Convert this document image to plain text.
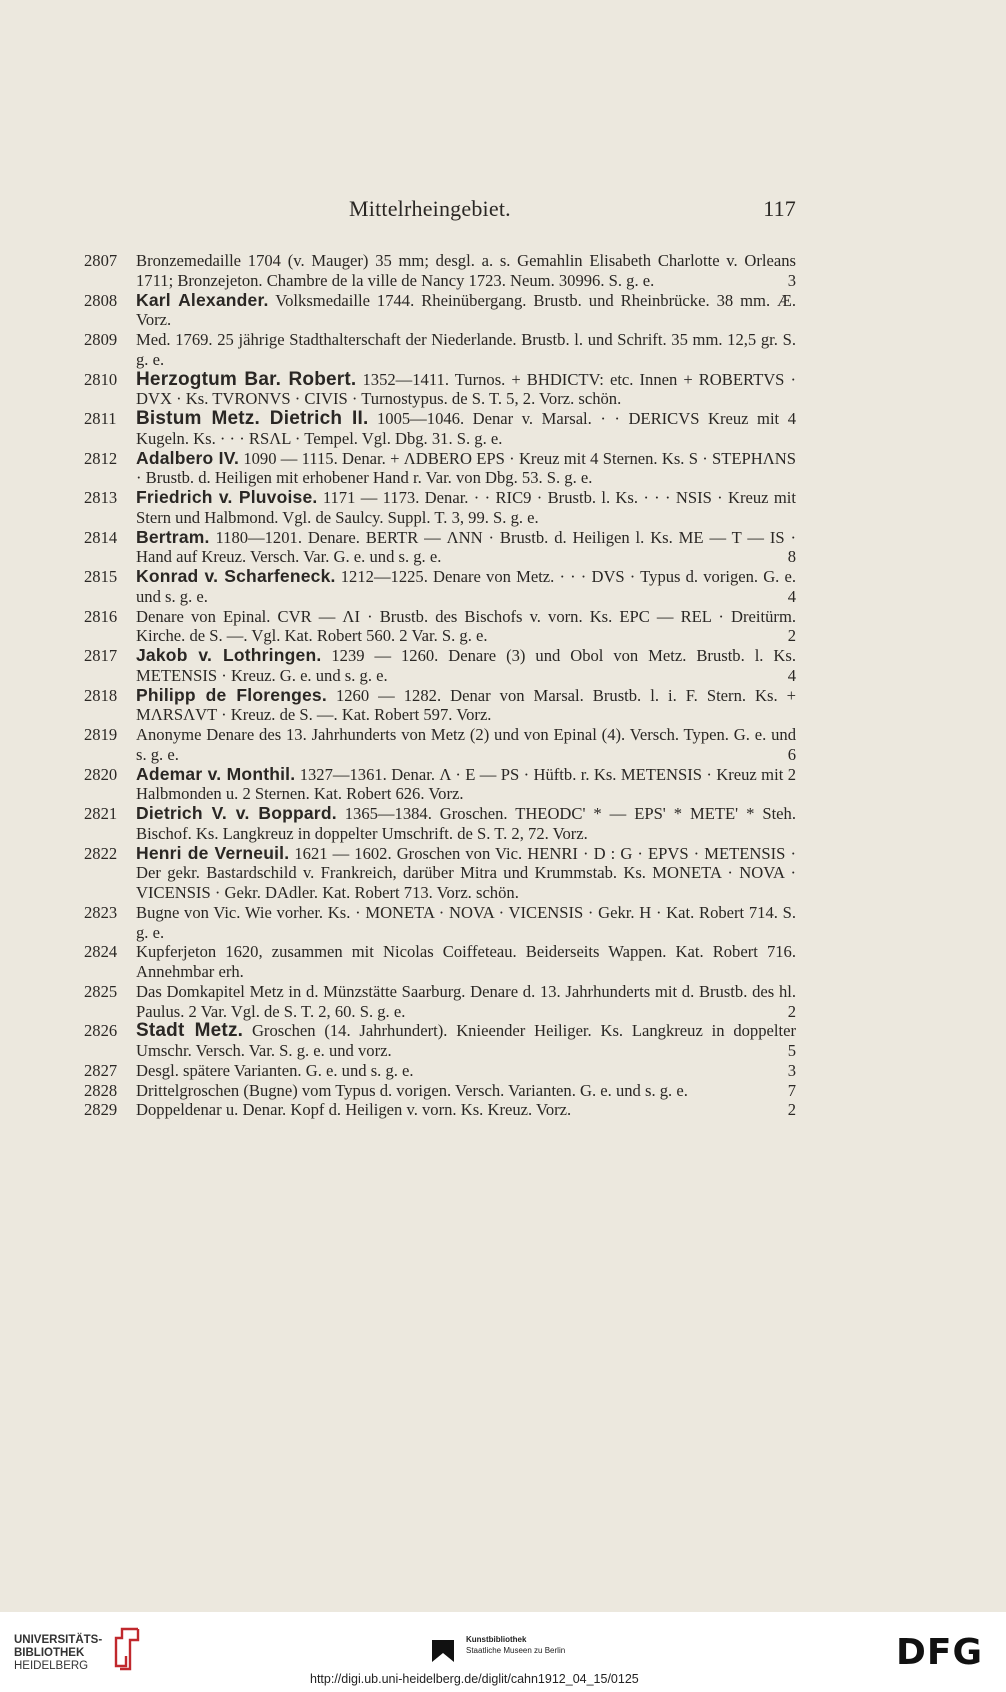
Mittelrheingebiet.	117
2807 Bronzemedaille 1704 (v. Mauger) 35 mm; desgl. a. s. Gemahlin Elisabeth Charlotte v. Orleans 1711; Bronzejeton. Chambre de la ville de Nancy 1723. Neum. 30996. S. g. e.	3
2808 Karl Alexander. Volksmedaille 1744. Rheinübergang. Brustb. und Rheinbrücke. 38 mm. Æ. Vorz.
2809 Med. 1769. 25 jährige Stadthalterschaft der Niederlande. Brustb. l. und Schrift. 35 mm. 12,5 gr. S. g. e.
2810 Herzogtum Bar. Robert. 1352—1411. Turnos. + BHDICTV: etc. Innen + ROBERTVS · DVX · Ks. TVRONVS · CIVIS · Turnostypus. de S. T. 5, 2. Vorz. schön.
2811 Bistum Metz. Dietrich II. 1005—1046. Denar v. Marsal. · · DERICVS Kreuz mit 4 Kugeln. Ks. · · · RSΛL · Tempel. Vgl. Dbg. 31. S. g. e.
2812 Adalbero IV. 1090 — 1115. Denar. + ΛDBERO EPS · Kreuz mit 4 Sternen. Ks. S · STEPHΛNS · Brustb. d. Heiligen mit erhobener Hand r. Var. von Dbg. 53. S. g. e.
2813 Friedrich v. Pluvoise. 1171 — 1173. Denar. · · RIC9 · Brustb. l. Ks. · · · NSIS · Kreuz mit Stern und Halbmond. Vgl. de Saulcy. Suppl. T. 3, 99. S. g. e.
2814 Bertram. 1180—1201. Denare. BERTR — ΛNN · Brustb. d. Heiligen l. Ks. ME — T — IS · Hand auf Kreuz. Versch. Var. G. e. und s. g. e.	8
2815 Konrad v. Scharfeneck. 1212—1225. Denare von Metz. · · · DVS · Typus d. vorigen. G. e. und s. g. e.	4
2816 Denare von Epinal. CVR — ΛI · Brustb. des Bischofs v. vorn. Ks. EPC — REL · Dreitürm. Kirche. de S. —. Vgl. Kat. Robert 560. 2 Var. S. g. e.	2
2817 Jakob v. Lothringen. 1239 — 1260. Denare (3) und Obol von Metz. Brustb. l. Ks. METENSIS · Kreuz. G. e. und s. g. e.	4
2818 Philipp de Florenges. 1260 — 1282. Denar von Marsal. Brustb. l. i. F. Stern. Ks. + MΛRSΛVT · Kreuz. de S. —. Kat. Robert 597. Vorz.
2819 Anonyme Denare des 13. Jahrhunderts von Metz (2) und von Epinal (4). Versch. Typen. G. e. und s. g. e.	6
2820 Ademar v. Monthil. 1327—1361. Denar. Λ · E — PS · Hüftb. r. Ks. METENSIS · Kreuz mit 2 Halbmonden u. 2 Sternen. Kat. Robert 626. Vorz.
2821 Dietrich V. v. Boppard. 1365—1384. Groschen. THEODC' * — EPS' * METE' * Steh. Bischof. Ks. Langkreuz in doppelter Umschrift. de S. T. 2, 72. Vorz.
2822 Henri de Verneuil. 1621 — 1602. Groschen von Vic. HENRI · D : G · EPVS · METENSIS · Der gekr. Bastardschild v. Frankreich, darüber Mitra und Krummstab. Ks. MONETA · NOVA · VICENSIS · Gekr. DAdler. Kat. Robert 713. Vorz. schön.
2823 Bugne von Vic. Wie vorher. Ks. · MONETA · NOVA · VICENSIS · Gekr. H · Kat. Robert 714. S. g. e.
2824 Kupferjeton 1620, zusammen mit Nicolas Coiffeteau. Beiderseits Wappen. Kat. Robert 716. Annehmbar erh.
2825 Das Domkapitel Metz in d. Münzstätte Saarburg. Denare d. 13. Jahrhunderts mit d. Brustb. des hl. Paulus. 2 Var. Vgl. de S. T. 2, 60. S. g. e.	2
2826 Stadt Metz. Groschen (14. Jahrhundert). Knieender Heiliger. Ks. Langkreuz in doppelter Umschr. Versch. Var. S. g. e. und vorz.	5
2827 Desgl. spätere Varianten. G. e. und s. g. e.	3
2828 Drittelgroschen (Bugne) vom Typus d. vorigen. Versch. Varianten. G. e. und s. g. e.	7
2829 Doppeldenar u. Denar. Kopf d. Heiligen v. vorn. Ks. Kreuz. Vorz.	2
UNIVERSITÄTS-
BIBLIOTHEK
HEIDELBERG
Kunstbibliothek
Staatliche Museen zu Berlin	DFG
http://digi.ub.uni-heidelberg.de/diglit/cahn1912_04_15/0125
